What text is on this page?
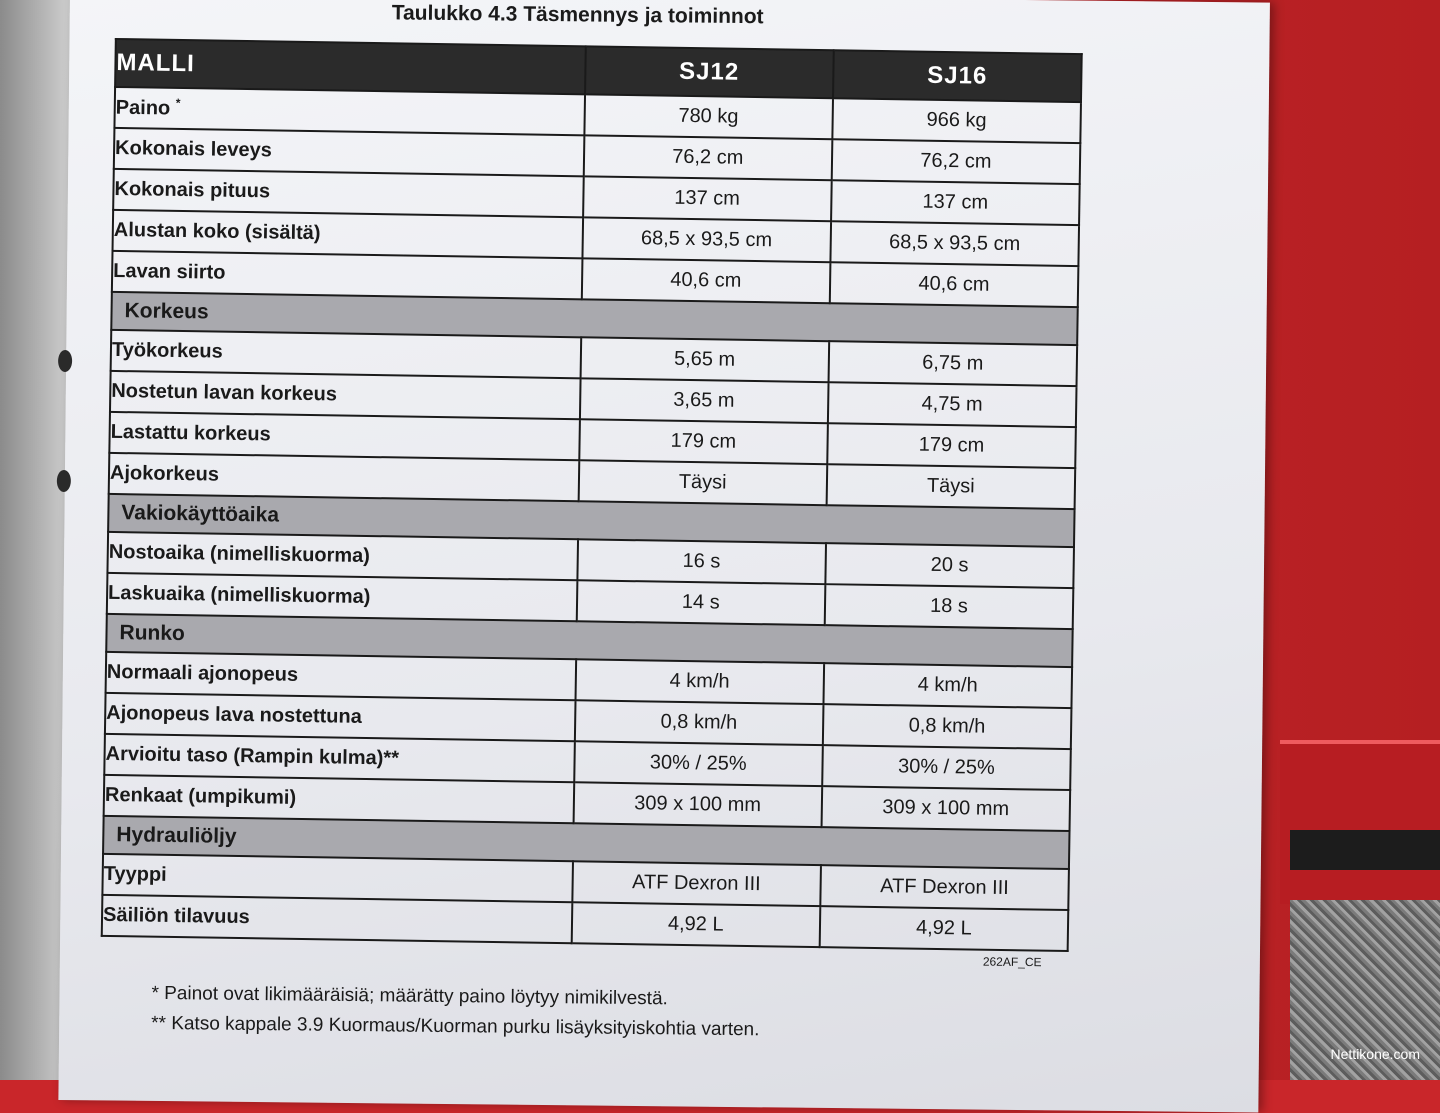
Taulukko 4.3 Täsmennys ja toiminnot
MALLI	SJ12	SJ16
Paino *	780 kg	966 kg
Kokonais leveys	76,2 cm	76,2 cm
Kokonais pituus	137 cm	137 cm
Alustan koko (sisältä)	68,5 x 93,5 cm	68,5 x 93,5 cm
Lavan siirto	40,6 cm	40,6 cm
Korkeus		
Työkorkeus	5,65 m	6,75 m
Nostetun lavan korkeus	3,65 m	4,75 m
Lastattu korkeus	179 cm	179 cm
Ajokorkeus	Täysi	Täysi
Vakiokäyttöaika		
Nostoaika (nimelliskuorma)	16 s	20 s
Laskuaika (nimelliskuorma)	14 s	18 s
Runko		
Normaali ajonopeus	4 km/h	4 km/h
Ajonopeus lava nostettuna	0,8 km/h	0,8 km/h
Arvioitu taso (Rampin kulma)**	30% / 25%	30% / 25%
Renkaat (umpikumi)	309 x 100 mm	309 x 100 mm
Hydrauliöljy		
Tyyppi	ATF Dexron III	ATF Dexron III
Säiliön tilavuus	4,92 L	4,92 L
262AF_CE
* Painot ovat likimääräisiä; määrätty paino löytyy nimikilvestä.
** Katso kappale 3.9 Kuormaus/Kuorman purku lisäyksityiskohtia varten.
Nettikone.com
